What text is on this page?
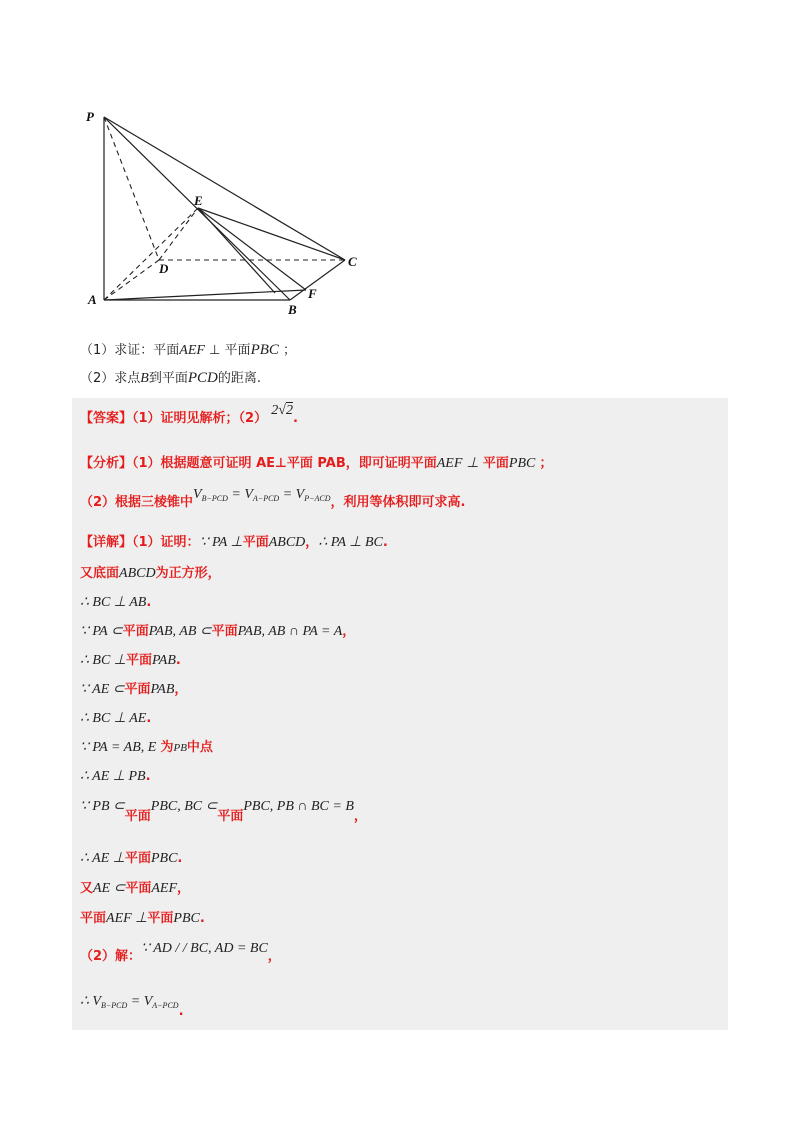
P
E
D	C
A	F
B
（1）求证：平面AEF ⊥ 平面PBC ；
（2）求点B到平面PCD的距离.
【答案】（1）证明见解析；（2） 2√2.
【分析】（1）根据题意可证明 AE⊥平面 PAB，即可证明平面AEF ⊥ 平面PBC ；
（2）根据三棱锥中$V_{B-PCD} = V_{A-PCD} = V_{P-ACD}$，利用等体积即可求高.
【详解】（1）证明：∵ PA ⊥平面ABCD，∴ PA ⊥ BC.
又底面ABCD为正方形，
∴ BC ⊥ AB.
∵ PA ⊂平面PAB, AB ⊂平面PAB, AB ∩ PA = A，
∴ BC ⊥平面PAB.
∵ AE ⊂平面PAB，
∴ BC ⊥ AE.
∵ PA = AB, E 为PB中点
∴ AE ⊥ PB.
∵ PB ⊂平面PBC, BC ⊂平面PBC, PB ∩ BC = B，
∴ AE ⊥平面PBC.
又AE ⊂平面AEF，
平面AEF ⊥平面PBC.
（2）解：∵ AD / / BC, AD = BC，
∴ $V_{B-PCD} = V_{A-PCD}$.
